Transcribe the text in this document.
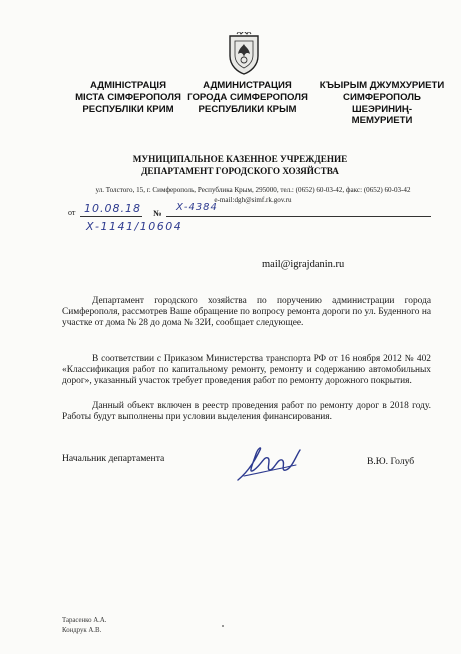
АДМІНІСТРАЦІЯ
МІСТА СІМФЕРОПОЛЯ
РЕСПУБЛІКИ КРИМ
АДМИНИСТРАЦИЯ
ГОРОДА СИМФЕРОПОЛЯ
РЕСПУБЛИКИ КРЫМ
КЪЫРЫМ ДЖУМХУРИЕТИ
СИМФЕРОПОЛЬ
ШЕЭРИНИҢ-
МЕМУРИЕТИ
МУНИЦИПАЛЬНОЕ КАЗЕННОЕ УЧРЕЖДЕНИЕ
ДЕПАРТАМЕНТ ГОРОДСКОГО ХОЗЯЙСТВА
ул. Толстого, 15, г. Симферополь, Республика Крым, 295000, тел.: (0652) 60-03-42, факс: (0652) 60-03-42
e-mail:dgh@simf.rk.gov.ru
от 10.08.18 № Х-4384
Х-1141/10604
mail@igrajdanin.ru

Департамент городского хозяйства по поручению администрации города Симферополя, рассмотрев Ваше обращение по вопросу ремонта дороги по ул. Буденного на участке от дома № 28 до дома № 32И, сообщает следующее.

В соответствии с Приказом Министерства транспорта РФ от 16 ноября 2012 № 402 «Классификация работ по капитальному ремонту, ремонту и содержанию автомобильных дорог», указанный участок требует проведения работ по ремонту дорожного покрытия.

Данный объект включен в реестр проведения работ по ремонту дорог в 2018 году. Работы будут выполнены при условии выделения финансирования.

Начальник департамента	В.Ю. Голуб
Тарасенко А.А.
Кондрук А.В.
